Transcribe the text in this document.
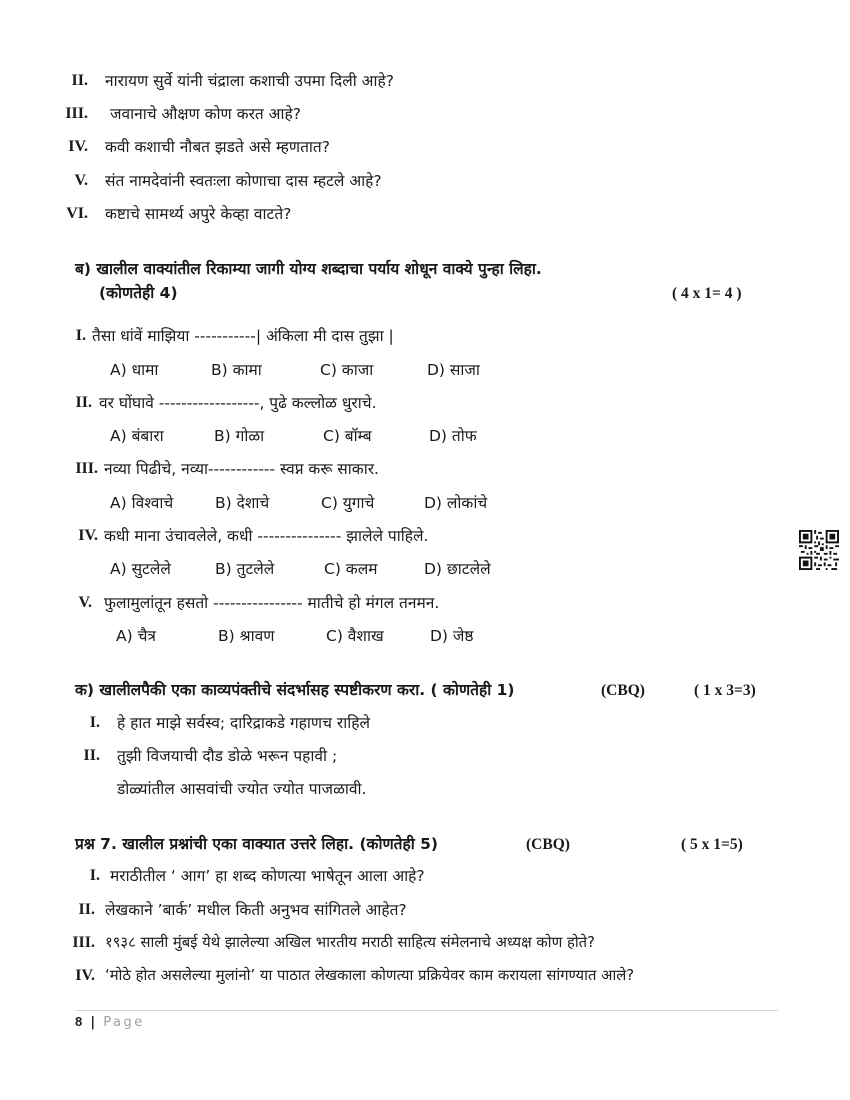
II. नारायण सुर्वे यांनी चंद्राला कशाची उपमा दिली आहे?
III. जवानाचे औक्षण कोण करत आहे?
IV. कवी कशाची नौबत झडते असे म्हणतात?
V. संत नामदेवांनी स्वतःला कोणाचा दास म्हटले आहे?
VI. कष्टाचे सामर्थ्य अपुरे केव्हा वाटते?
ब) खालील वाक्यांतील रिकाम्या जागी योग्य शब्दाचा पर्याय शोधून वाक्ये पुन्हा लिहा.
(कोणतेही 4)	( 4 x 1= 4 )
I. तैसा धांवें माझिया -----------| अंकिला मी दास तुझा |
A) धामा	B) कामा	C) काजा	D) साजा
II. वर घोंघावे ------------------, पुढे कल्लोळ धुराचे.
A) बंबारा	B) गोळा	C) बॉम्ब	D) तोफ
III. नव्या पिढीचे, नव्या------------ स्वप्न करू साकार.
A) विश्वाचे	B) देशाचे	C) युगाचे	D) लोकांचे
IV. कधी माना उंचावलेले, कधी --------------- झालेले पाहिले.
A) सुटलेले	B) तुटलेले	C) कलम	D) छाटलेले
V. फुलामुलांतून हसतो ---------------- मातीचे हो मंगल तनमन.
A) चैत्र	B) श्रावण	C) वैशाख	D) जेष्ठ
क) खालीलपैकी एका काव्यपंक्तीचे संदर्भासह स्पष्टीकरण करा. ( कोणतेही 1)	(CBQ)	( 1 x 3=3)
I. हे हात माझे सर्वस्व; दारिद्राकडे गहाणच राहिले
II. तुझी विजयाची दौड डोळे भरून पहावी ;
डोळ्यांतील आसवांची ज्योत ज्योत पाजळावी.
प्रश्न 7. खालील प्रश्नांची एका वाक्यात उत्तरे लिहा. (कोणतेही 5)	(CBQ)	( 5 x 1=5)
I. मराठीतील ‘ आग’ हा शब्द कोणत्या भाषेतून आला आहे?
II. लेखकाने ’बार्क’ मधील किती अनुभव सांगितले आहेत?
III. १९३८ साली मुंबई येथे झालेल्या अखिल भारतीय मराठी साहित्य संमेलनाचे अध्यक्ष कोण होते?
IV. ‘मोठे होत असलेल्या मुलांनो’ या पाठात लेखकाला कोणत्या प्रक्रियेवर काम करायला सांगण्यात आले?
8 | Page
